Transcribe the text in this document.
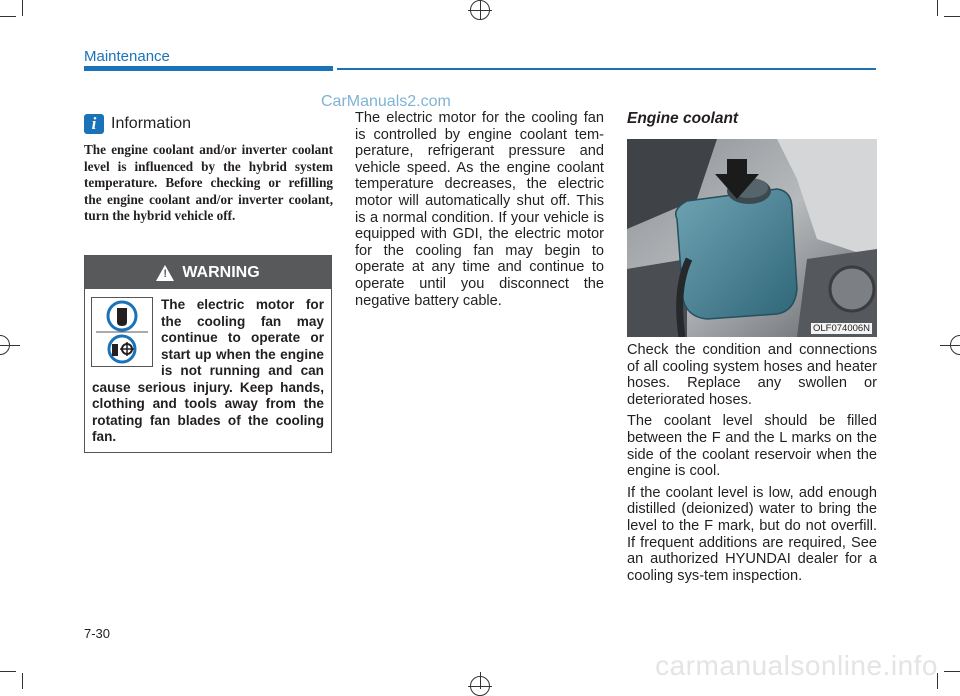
Maintenance
CarManuals2.com
i Information
The engine coolant and/or inverter coolant level is influenced by the hybrid system temperature. Before checking or refilling the engine coolant and/or inverter coolant, turn the hybrid vehicle off.
! WARNING
The electric motor for the cooling fan may continue to operate or start up when the engine is not running and can cause serious injury. Keep hands, clothing and tools away from the rotating fan blades of the cooling fan.
The electric motor for the cooling fan is controlled by engine coolant tem-perature, refrigerant pressure and vehicle speed. As the engine coolant temperature decreases, the electric motor will automatically shut off. This is a normal condition. If your vehicle is equipped with GDI, the electric motor for the cooling fan may begin to operate at any time and continue to operate until you disconnect the negative battery cable.
Engine coolant
OLF074006N

Check the condition and connections of all cooling system hoses and heater hoses. Replace any swollen or deteriorated hoses.

The coolant level should be filled between the F and the L marks on the side of the coolant reservoir when the engine is cool.

If the coolant level is low, add enough distilled (deionized) water to bring the level to the F mark, but do not overfill. If frequent additions are required, See an authorized HYUNDAI dealer for a cooling sys-tem inspection.

7-30
carmanualsonline.info
